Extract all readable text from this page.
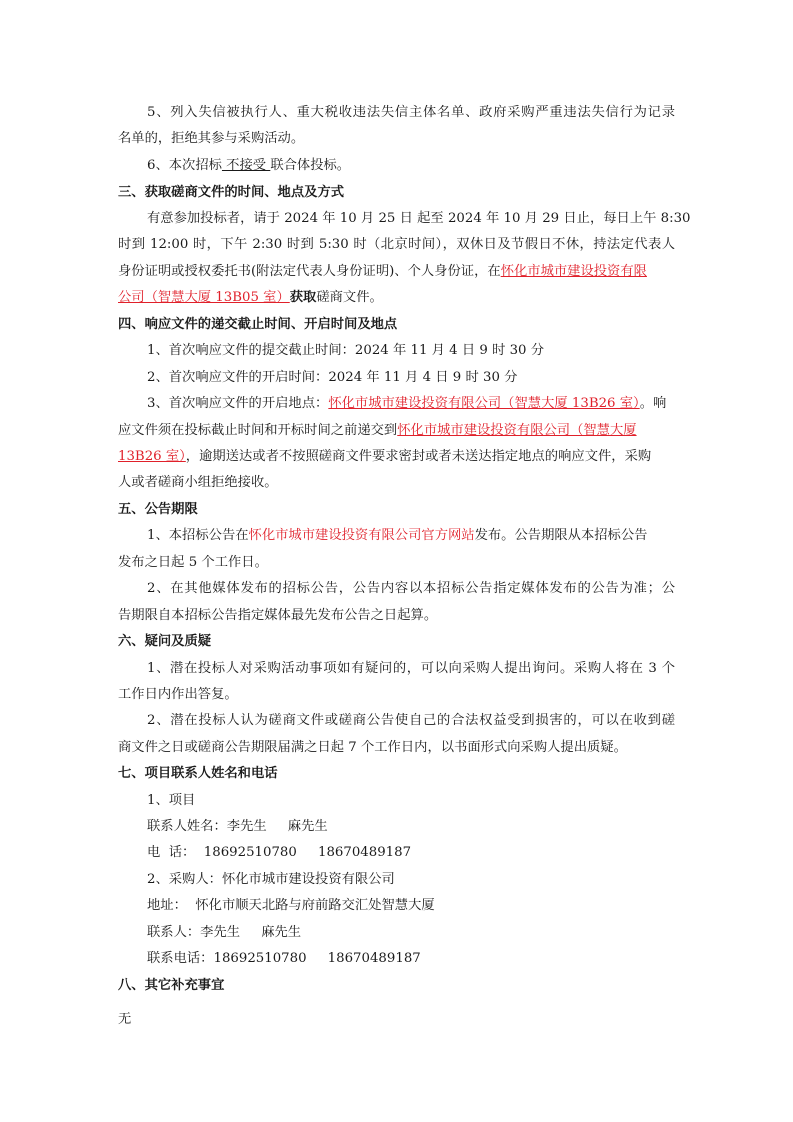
5、列入失信被执行人、重大税收违法失信主体名单、政府采购严重违法失信行为记录
名单的，拒绝其参与采购活动。
6、本次招标 不接受 联合体投标。
三、获取磋商文件的时间、地点及方式
有意参加投标者，请于 2024 年 10 月 25 日 起至 2024 年 10 月 29 日止，每日上午 8:30
时到 12:00 时，下午 2:30 时到 5:30 时（北京时间），双休日及节假日不休，持法定代表人
身份证明或授权委托书(附法定代表人身份证明)、个人身份证，在怀化市城市建设投资有限
公司（智慧大厦 13B05 室）获取磋商文件。
四、响应文件的递交截止时间、开启时间及地点
1、首次响应文件的提交截止时间：2024 年 11 月 4 日 9 时 30 分
2、首次响应文件的开启时间：2024 年 11 月 4 日 9 时 30 分
3、首次响应文件的开启地点：怀化市城市建设投资有限公司（智慧大厦 13B26 室）。响
应文件须在投标截止时间和开标时间之前递交到怀化市城市建设投资有限公司（智慧大厦
13B26 室），逾期送达或者不按照磋商文件要求密封或者未送达指定地点的响应文件，采购
人或者磋商小组拒绝接收。
五、公告期限
1、本招标公告在怀化市城市建设投资有限公司官方网站发布。公告期限从本招标公告
发布之日起 5 个工作日。
2、在其他媒体发布的招标公告，公告内容以本招标公告指定媒体发布的公告为准；公
告期限自本招标公告指定媒体最先发布公告之日起算。
六、疑问及质疑
1、潜在投标人对采购活动事项如有疑问的，可以向采购人提出询问。采购人将在 3 个
工作日内作出答复。
2、潜在投标人认为磋商文件或磋商公告使自己的合法权益受到损害的，可以在收到磋
商文件之日或磋商公告期限届满之日起 7 个工作日内，以书面形式向采购人提出质疑。
七、项目联系人姓名和电话
1、项目
联系人姓名：李先生     麻先生
电  话：  18692510780     18670489187
2、采购人：怀化市城市建设投资有限公司
地址：  怀化市顺天北路与府前路交汇处智慧大厦
联系人：李先生     麻先生
联系电话：18692510780     18670489187
八、其它补充事宜
无
